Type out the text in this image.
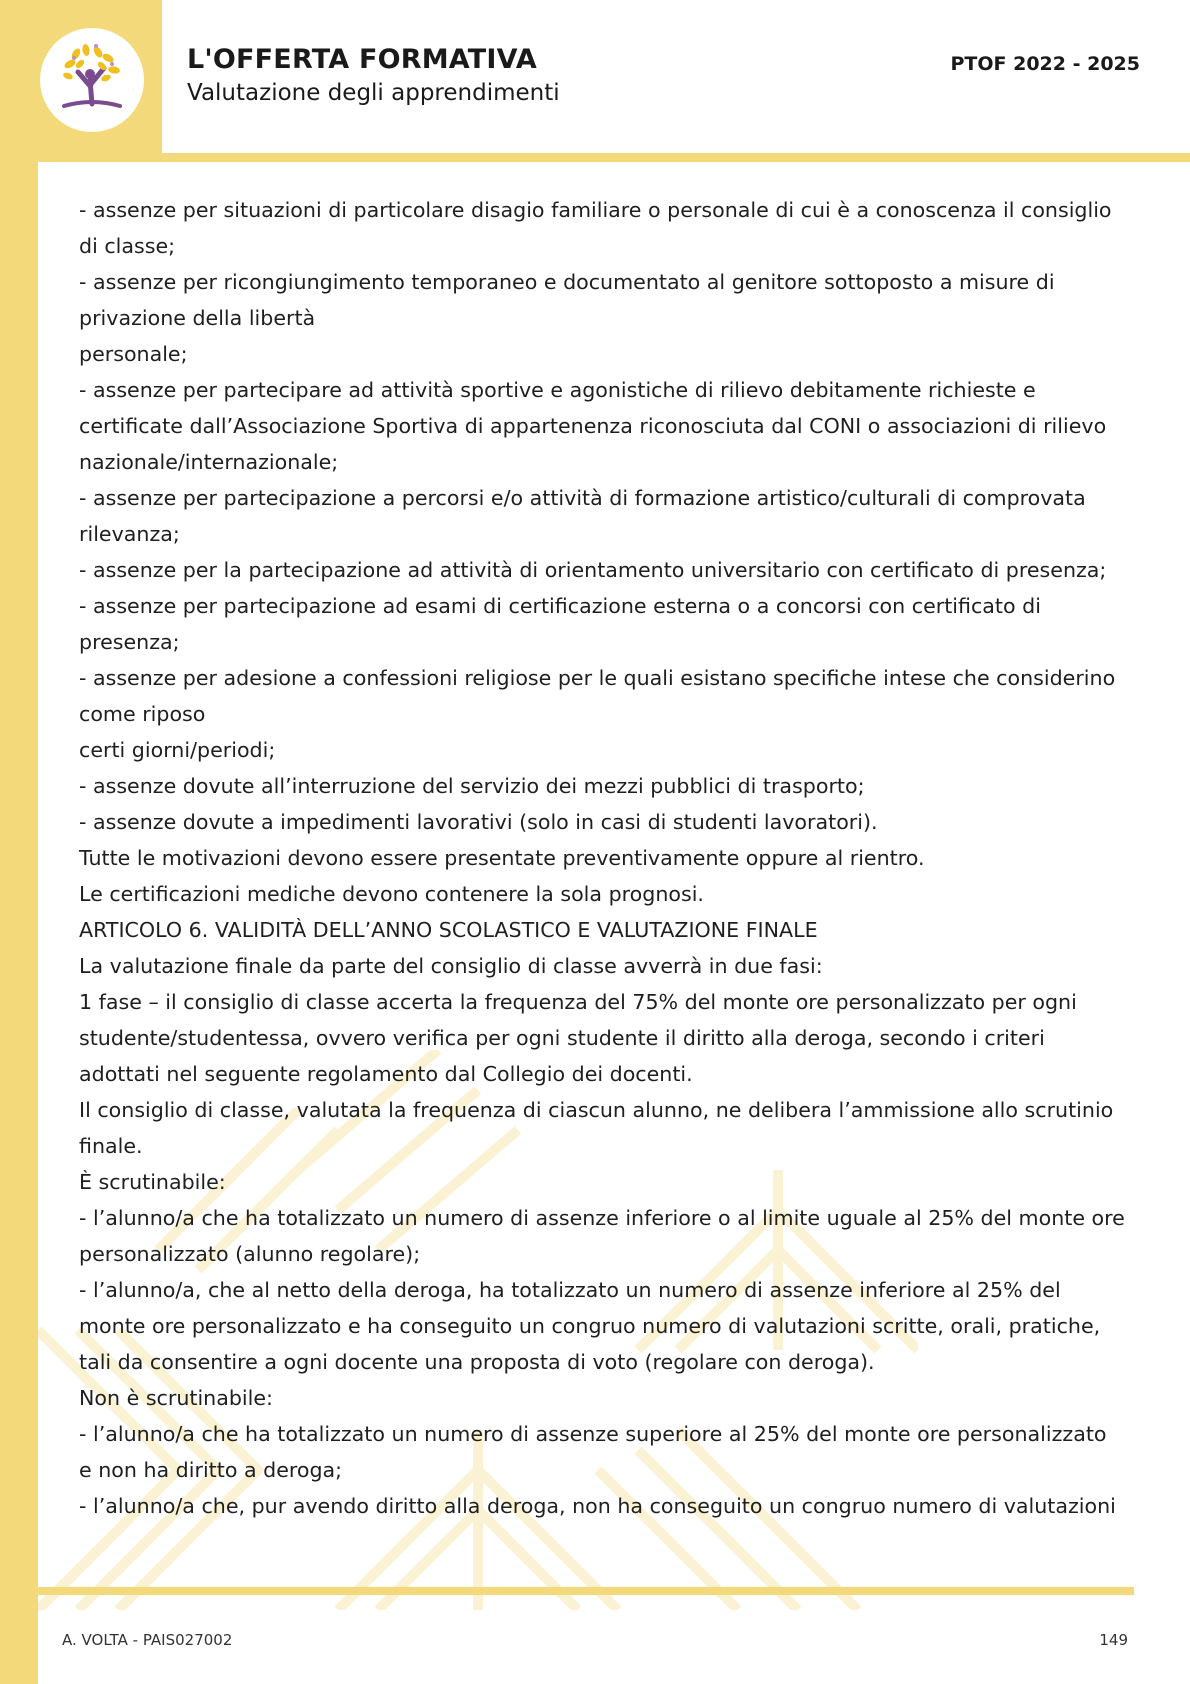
L'OFFERTA FORMATIVA
Valutazione degli apprendimenti
PTOF 2022 - 2025
- assenze per situazioni di particolare disagio familiare o personale di cui è a conoscenza il consiglio
di classe;
- assenze per ricongiungimento temporaneo e documentato al genitore sottoposto a misure di
privazione della libertà
personale;
- assenze per partecipare ad attività sportive e agonistiche di rilievo debitamente richieste e
certificate dall’Associazione Sportiva di appartenenza riconosciuta dal CONI o associazioni di rilievo
nazionale/internazionale;
- assenze per partecipazione a percorsi e/o attività di formazione artistico/culturali di comprovata
rilevanza;
- assenze per la partecipazione ad attività di orientamento universitario con certificato di presenza;
- assenze per partecipazione ad esami di certificazione esterna o a concorsi con certificato di
presenza;
- assenze per adesione a confessioni religiose per le quali esistano specifiche intese che considerino
come riposo
certi giorni/periodi;
- assenze dovute all’interruzione del servizio dei mezzi pubblici di trasporto;
- assenze dovute a impedimenti lavorativi (solo in casi di studenti lavoratori).
Tutte le motivazioni devono essere presentate preventivamente oppure al rientro.
Le certificazioni mediche devono contenere la sola prognosi.
ARTICOLO 6. VALIDITÀ DELL’ANNO SCOLASTICO E VALUTAZIONE FINALE
La valutazione finale da parte del consiglio di classe avverrà in due fasi:
1 fase – il consiglio di classe accerta la frequenza del 75% del monte ore personalizzato per ogni
studente/studentessa, ovvero verifica per ogni studente il diritto alla deroga, secondo i criteri
adottati nel seguente regolamento dal Collegio dei docenti.
Il consiglio di classe, valutata la frequenza di ciascun alunno, ne delibera l’ammissione allo scrutinio
finale.
È scrutinabile:
- l’alunno/a che ha totalizzato un numero di assenze inferiore o al limite uguale al 25% del monte ore
personalizzato (alunno regolare);
- l’alunno/a, che al netto della deroga, ha totalizzato un numero di assenze inferiore al 25% del
monte ore personalizzato e ha conseguito un congruo numero di valutazioni scritte, orali, pratiche,
tali da consentire a ogni docente una proposta di voto (regolare con deroga).
Non è scrutinabile:
- l’alunno/a che ha totalizzato un numero di assenze superiore al 25% del monte ore personalizzato
e non ha diritto a deroga;
- l’alunno/a che, pur avendo diritto alla deroga, non ha conseguito un congruo numero di valutazioni
A. VOLTA - PAIS027002	149
